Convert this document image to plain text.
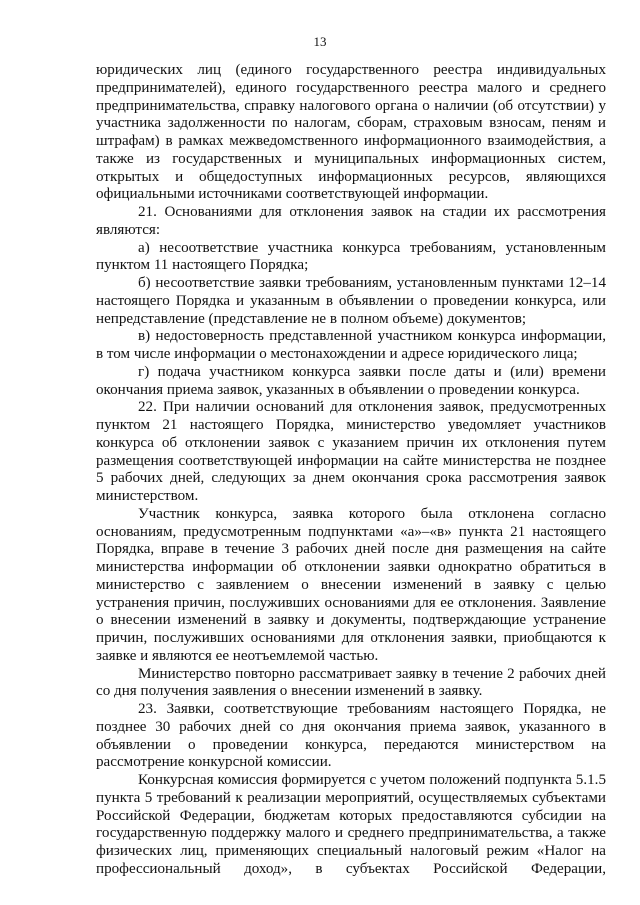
13

юридических лиц (единого государственного реестра индивидуальных предпринимателей), единого государственного реестра малого и среднего предпринимательства, справку налогового органа о наличии (об отсутствии) у участника задолженности по налогам, сборам, страховым взносам, пеням и штрафам) в рамках межведомственного информационного взаимодействия, а также из государственных и муниципальных информационных систем, открытых и общедоступных информационных ресурсов, являющихся официальными источниками соответствующей информации.

21. Основаниями для отклонения заявок на стадии их рассмотрения являются:

а) несоответствие участника конкурса требованиям, установленным пунктом 11 настоящего Порядка;

б) несоответствие заявки требованиям, установленным пунктами 12–14 настоящего Порядка и указанным в объявлении о проведении конкурса, или непредставление (представление не в полном объеме) документов;

в) недостоверность представленной участником конкурса информации, в том числе информации о местонахождении и адресе юридического лица;

г) подача участником конкурса заявки после даты и (или) времени окончания приема заявок, указанных в объявлении о проведении конкурса.

22. При наличии оснований для отклонения заявок, предусмотренных пунктом 21 настоящего Порядка, министерство уведомляет участников конкурса об отклонении заявок с указанием причин их отклонения путем размещения соответствующей информации на сайте министерства не позднее 5 рабочих дней, следующих за днем окончания срока рассмотрения заявок министерством.

Участник конкурса, заявка которого была отклонена согласно основаниям, предусмотренным подпунктами «а»–«в» пункта 21 настоящего Порядка, вправе в течение 3 рабочих дней после дня размещения на сайте министерства информации об отклонении заявки однократно обратиться в министерство с заявлением о внесении изменений в заявку с целью устранения причин, послуживших основаниями для ее отклонения. Заявление о внесении изменений в заявку и документы, подтверждающие устранение причин, послуживших основаниями для отклонения заявки, приобщаются к заявке и являются ее неотъемлемой частью.

Министерство повторно рассматривает заявку в течение 2 рабочих дней со дня получения заявления о внесении изменений в заявку.

23. Заявки, соответствующие требованиям настоящего Порядка, не позднее 30 рабочих дней со дня окончания приема заявок, указанного в объявлении о проведении конкурса, передаются министерством на рассмотрение конкурсной комиссии.

Конкурсная комиссия формируется с учетом положений подпункта 5.1.5 пункта 5 требований к реализации мероприятий, осуществляемых субъектами Российской Федерации, бюджетам которых предоставляются субсидии на государственную поддержку малого и среднего предпринимательства, а также физических лиц, применяющих специальный налоговый режим «Налог на профессиональный доход», в субъектах Российской Федерации,
